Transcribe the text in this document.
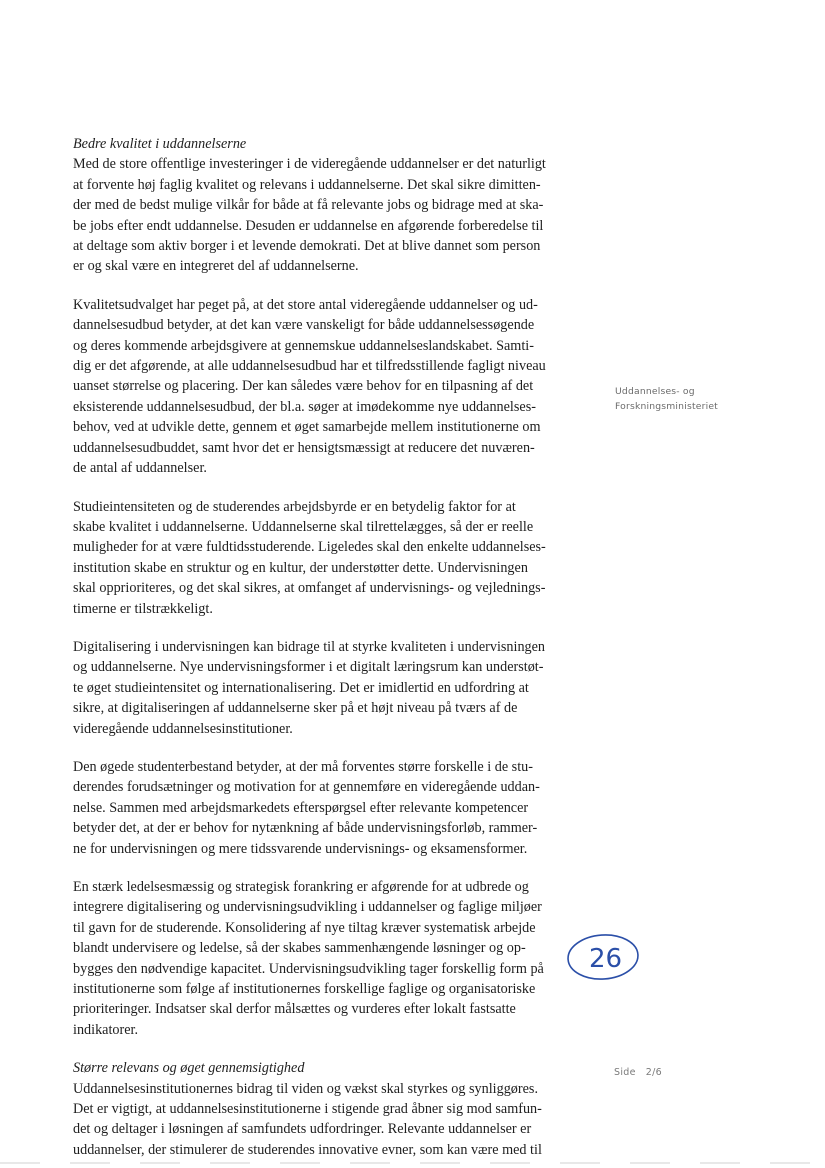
Bedre kvalitet i uddannelserne

Med de store offentlige investeringer i de videregående uddannelser er det naturligt
at forvente høj faglig kvalitet og relevans i uddannelserne. Det skal sikre dimitten-
der med de bedst mulige vilkår for både at få relevante jobs og bidrage med at ska-
be jobs efter endt uddannelse. Desuden er uddannelse en afgørende forberedelse til
at deltage som aktiv borger i et levende demokrati. Det at blive dannet som person
er og skal være en integreret del af uddannelserne.

Kvalitetsudvalget har peget på, at det store antal videregående uddannelser og ud-
dannelsesudbud betyder, at det kan være vanskeligt for både uddannelsessøgende
og deres kommende arbejdsgivere at gennemskue uddannelseslandskabet. Samti-
dig er det afgørende, at alle uddannelsesudbud har et tilfredsstillende fagligt niveau
uanset størrelse og placering. Der kan således være behov for en tilpasning af det
eksisterende uddannelsesudbud, der bl.a. søger at imødekomme nye uddannelses-
behov, ved at udvikle dette, gennem et øget samarbejde mellem institutionerne om
uddannelsesudbuddet, samt hvor det er hensigtsmæssigt at reducere det nuværen-
de antal af uddannelser.

Studieintensiteten og de studerendes arbejdsbyrde er en betydelig faktor for at
skabe kvalitet i uddannelserne. Uddannelserne skal tilrettelægges, så der er reelle
muligheder for at være fuldtidsstuderende. Ligeledes skal den enkelte uddannelses-
institution skabe en struktur og en kultur, der understøtter dette. Undervisningen
skal opprioriteres, og det skal sikres, at omfanget af undervisnings- og vejlednings-
timerne er tilstrækkeligt.

Digitalisering i undervisningen kan bidrage til at styrke kvaliteten i undervisningen
og uddannelserne. Nye undervisningsformer i et digitalt læringsrum kan understøt-
te øget studieintensitet og internationalisering. Det er imidlertid en udfordring at
sikre, at digitaliseringen af uddannelserne sker på et højt niveau på tværs af de
videregående uddannelsesinstitutioner.

Den øgede studenterbestand betyder, at der må forventes større forskelle i de stu-
derendes forudsætninger og motivation for at gennemføre en videregående uddan-
nelse. Sammen med arbejdsmarkedets efterspørgsel efter relevante kompetencer
betyder det, at der er behov for nytænkning af både undervisningsforløb, rammer-
ne for undervisningen og mere tidssvarende undervisnings- og eksamensformer.

En stærk ledelsesmæssig og strategisk forankring er afgørende for at udbrede og
integrere digitalisering og undervisningsudvikling i uddannelser og faglige miljøer
til gavn for de studerende. Konsolidering af nye tiltag kræver systematisk arbejde
blandt undervisere og ledelse, så der skabes sammenhængende løsninger og op-
bygges den nødvendige kapacitet. Undervisningsudvikling tager forskellig form på
institutionerne som følge af institutionernes forskellige faglige og organisatoriske
prioriteringer. Indsatser skal derfor målsættes og vurderes efter lokalt fastsatte
indikatorer.

Større relevans og øget gennemsigtighed

Uddannelsesinstitutionernes bidrag til viden og vækst skal styrkes og synliggøres.
Det er vigtigt, at uddannelsesinstitutionerne i stigende grad åbner sig mod samfun-
det og deltager i løsningen af samfundets udfordringer. Relevante uddannelser er
uddannelser, der stimulerer de studerendes innovative evner, som kan være med til

Uddannelses- og
Forskningsministeriet
26
Side 2/6
